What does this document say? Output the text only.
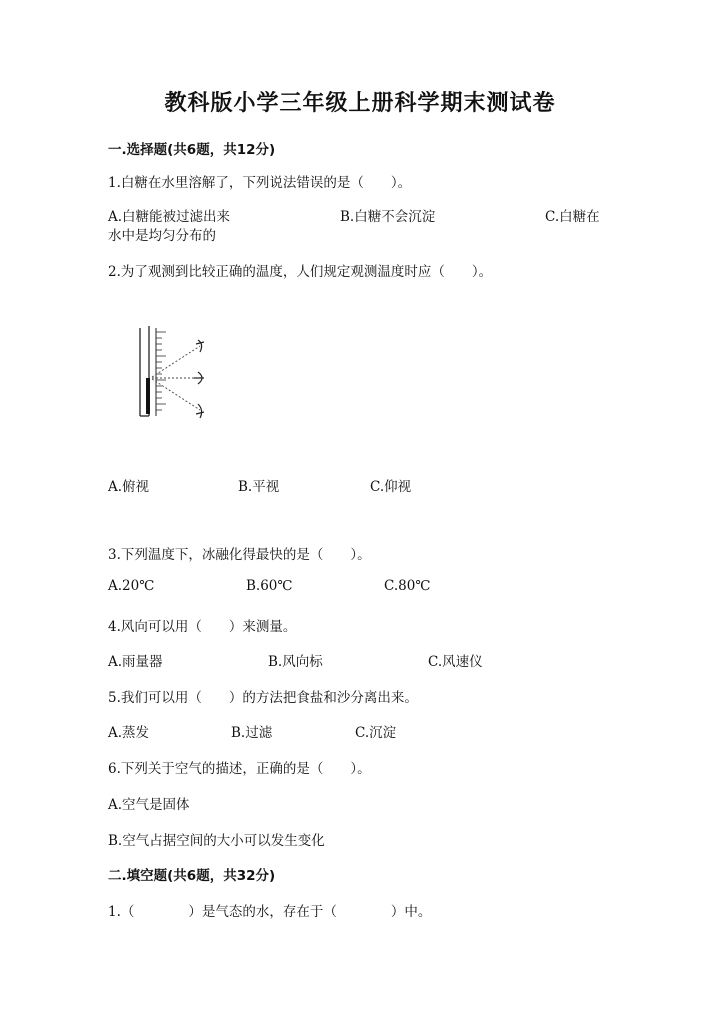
教科版小学三年级上册科学期末测试卷
一.选择题(共6题，共12分)
1.白糖在水里溶解了，下列说法错误的是（　　）。
A.白糖能被过滤出来	B.白糖不会沉淀	C.白糖在
水中是均匀分布的
2.为了观测到比较正确的温度，人们规定观测温度时应（　　）。
A.俯视	B.平视	C.仰视
3.下列温度下，冰融化得最快的是（　　）。
A.20℃	B.60℃	C.80℃
4.风向可以用（　　）来测量。
A.雨量器	B.风向标	C.风速仪
5.我们可以用（　　）的方法把食盐和沙分离出来。
A.蒸发	B.过滤	C.沉淀
6.下列关于空气的描述，正确的是（　　）。
A.空气是固体
B.空气占据空间的大小可以发生变化
二.填空题(共6题，共32分)
1.（　　　　）是气态的水，存在于（　　　　）中。
